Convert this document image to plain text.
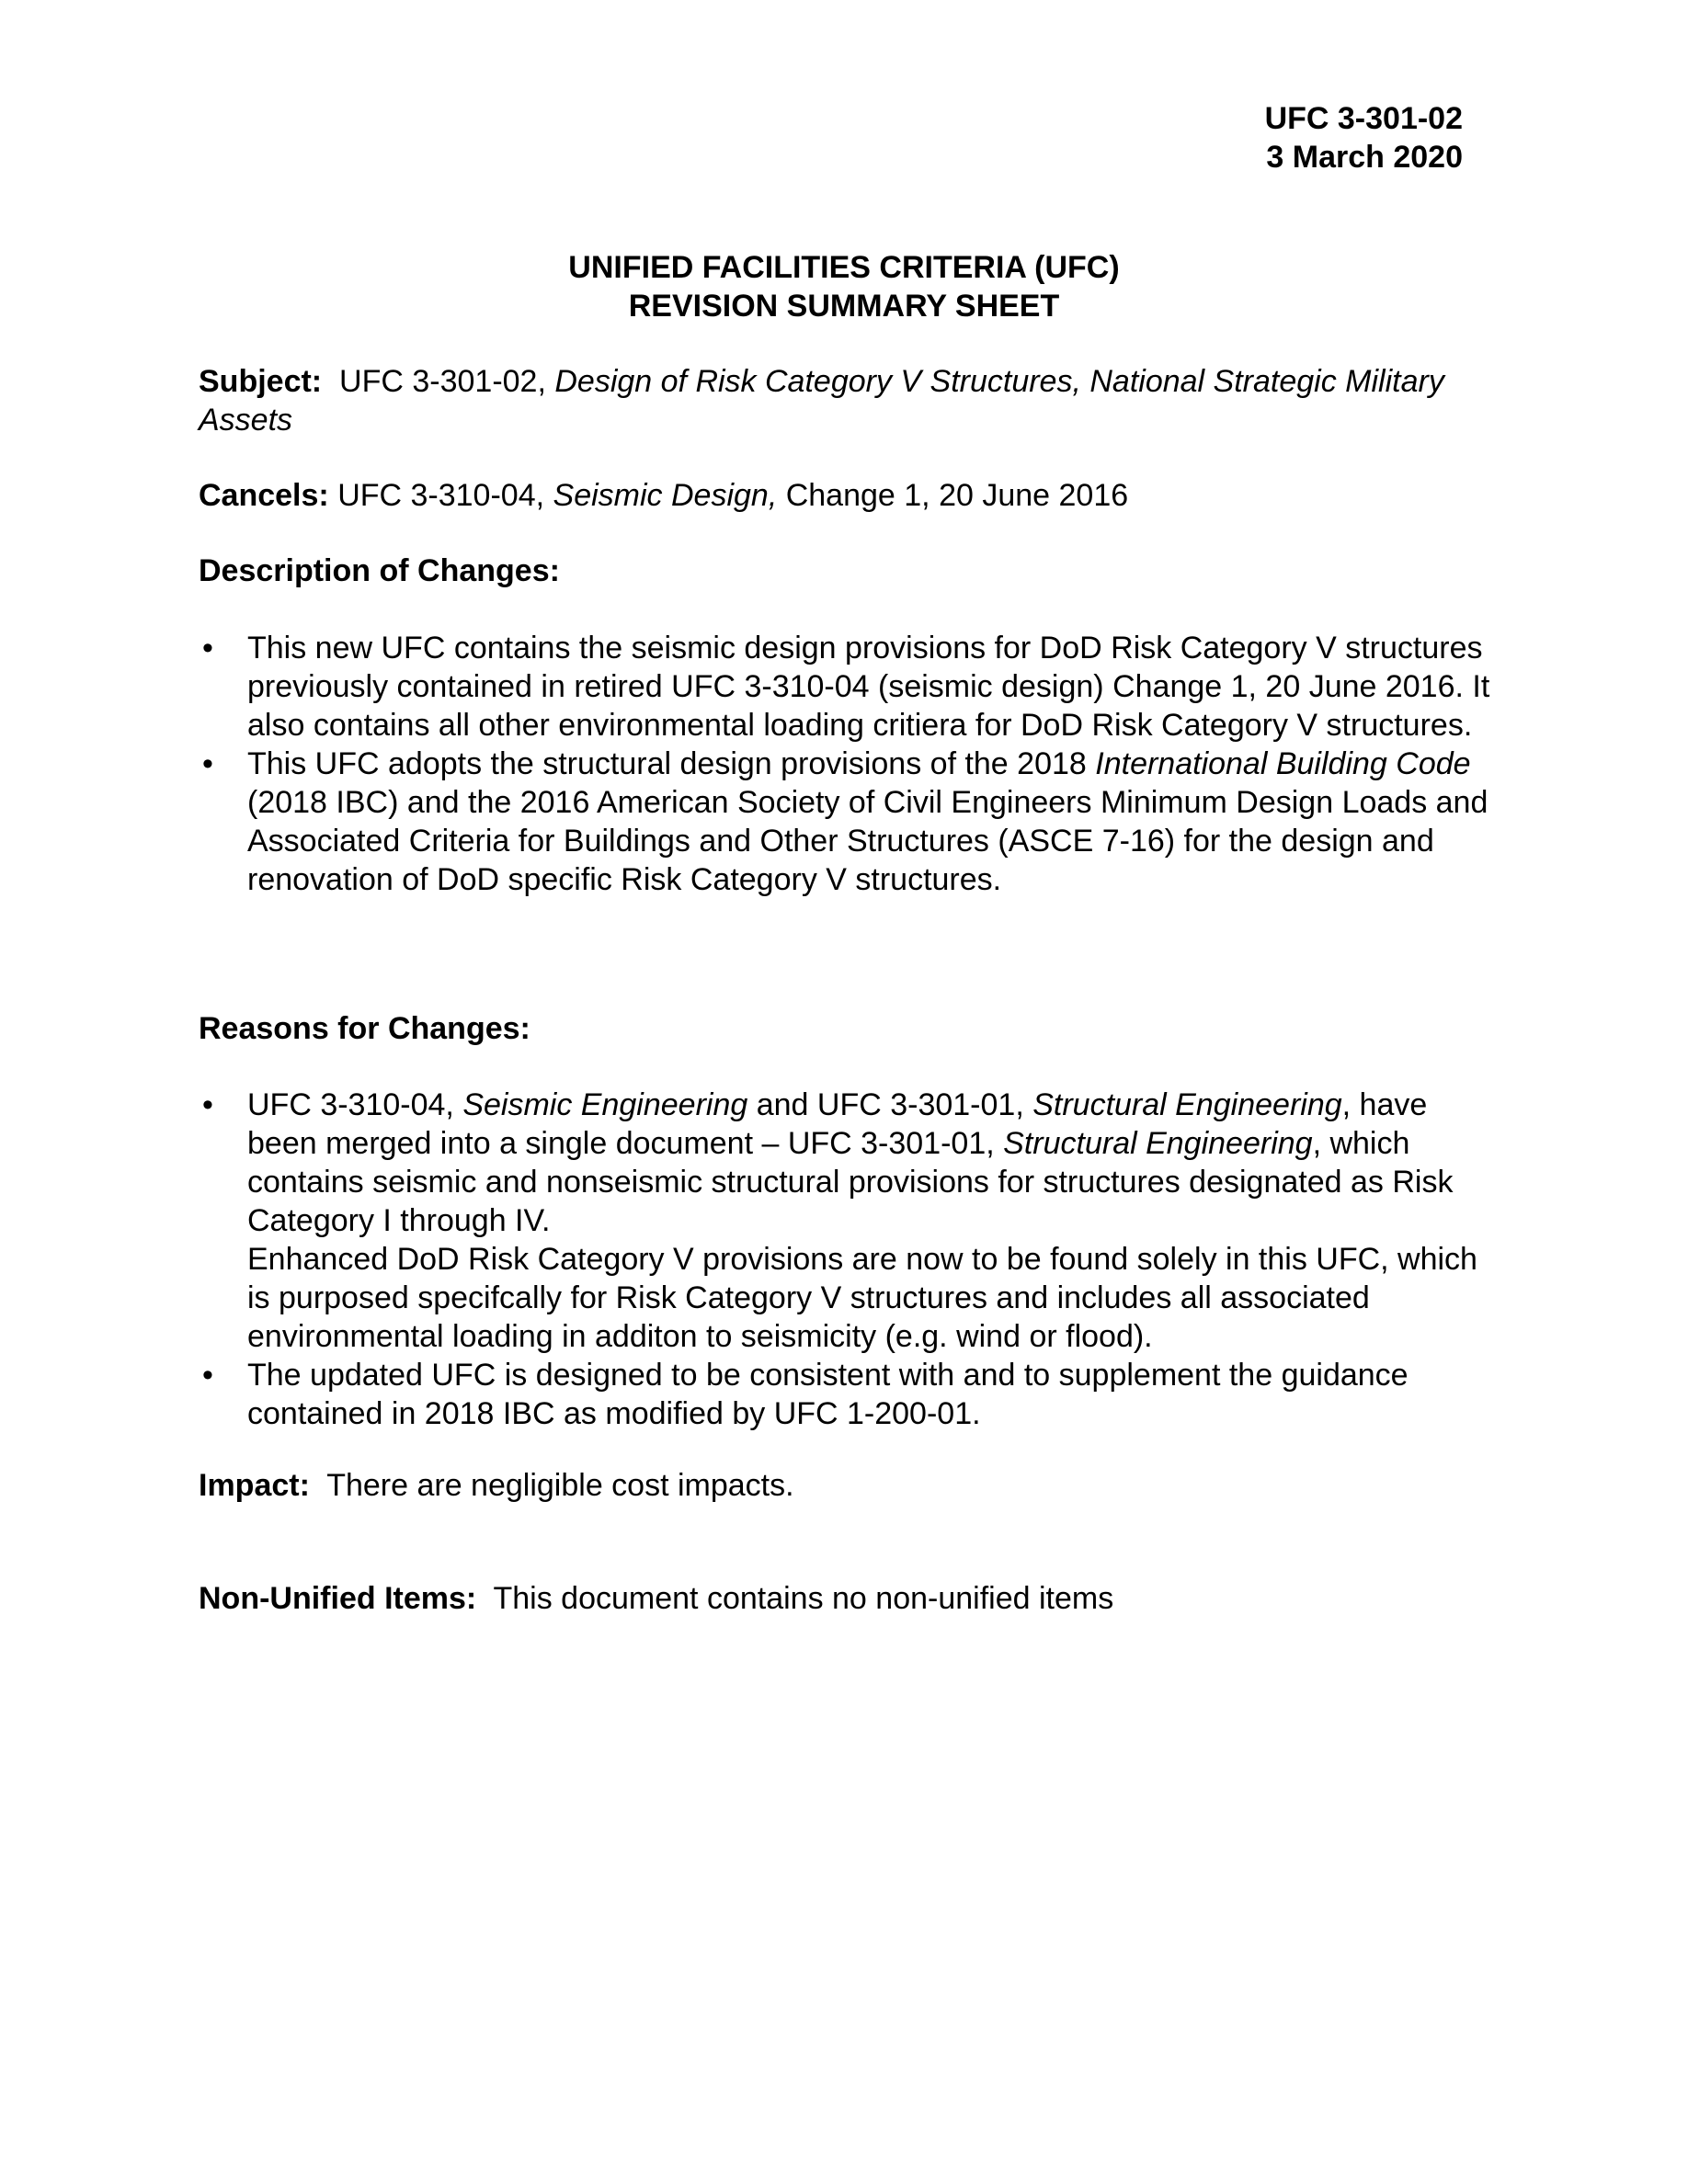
UFC 3-301-02
3 March 2020
UNIFIED FACILITIES CRITERIA (UFC)
REVISION SUMMARY SHEET
Subject: UFC 3-301-02, Design of Risk Category V Structures, National Strategic Military Assets
Cancels: UFC 3-310-04, Seismic Design, Change 1, 20 June 2016
Description of Changes:
• This new UFC contains the seismic design provisions for DoD Risk Category V structures previously contained in retired UFC 3-310-04 (seismic design) Change 1, 20 June 2016. It also contains all other environmental loading critiera for DoD Risk Category V structures.
• This UFC adopts the structural design provisions of the 2018 International Building Code (2018 IBC) and the 2016 American Society of Civil Engineers Minimum Design Loads and Associated Criteria for Buildings and Other Structures (ASCE 7-16) for the design and renovation of DoD specific Risk Category V structures.
Reasons for Changes:
• UFC 3-310-04, Seismic Engineering and UFC 3-301-01, Structural Engineering, have been merged into a single document – UFC 3-301-01, Structural Engineering, which contains seismic and nonseismic structural provisions for structures designated as Risk Category I through IV.
Enhanced DoD Risk Category V provisions are now to be found solely in this UFC, which is purposed specifcally for Risk Category V structures and includes all associated environmental loading in additon to seismicity (e.g. wind or flood).
• The updated UFC is designed to be consistent with and to supplement the guidance contained in 2018 IBC as modified by UFC 1-200-01.
Impact: There are negligible cost impacts.
Non-Unified Items: This document contains no non-unified items
